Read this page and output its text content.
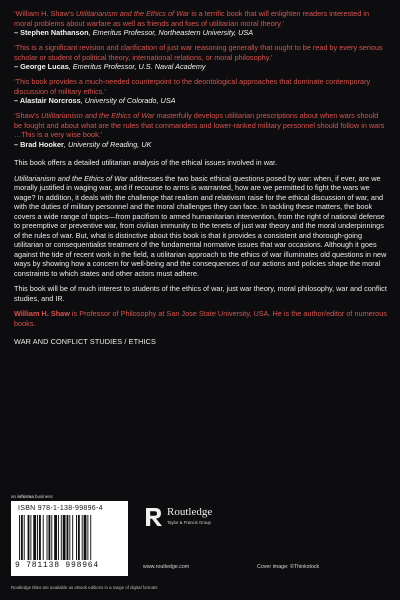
‘William H. Shaw’s Utilitarianism and the Ethics of War is a terrific book that will enlighten readers interested in moral problems about warfare as well as friends and foes of utilitarian moral theory.’
– Stephen Nathanson, Emeritus Professor, Northeastern University, USA
‘This is a significant revision and clarification of just war reasoning generally that ought to be read by every serious scholar or student of political theory, international relations, or moral philosophy.’
– George Lucas, Emeritus Professor, U.S. Naval Academy
‘This book provides a much-needed counterpoint to the deontological approaches that dominate contemporary discussion of military ethics.’
– Alastair Norcross, University of Colorado, USA
‘Shaw’s Utilitarianism and the Ethics of War masterfully develops utilitarian prescriptions about when wars should be fought and about what are the rules that commanders and lower-ranked military personnel should follow in wars …This is a very wise book.’
– Brad Hooker, University of Reading, UK

This book offers a detailed utilitarian analysis of the ethical issues involved in war.

Utilitarianism and the Ethics of War addresses the two basic ethical questions posed by war: when, if ever, are we morally justified in waging war, and if recourse to arms is warranted, how are we permitted to fight the wars we wage? In addition, it deals with the challenge that realism and relativism raise for the ethical discussion of war, and with the duties of military personnel and the moral challenges they can face. In tackling these matters, the book covers a wide range of topics—from pacifism to armed humanitarian intervention, from the right of national defense to preemptive or preventive war, from civilian immunity to the tenets of just war theory and the moral underpinnings of the rules of war. But, what is distinctive about this book is that it provides a consistent and thorough-going utilitarian or consequentialist treatment of the fundamental normative issues that war occasions. Although it goes against the tide of recent work in the field, a utilitarian approach to the ethics of war illuminates old questions in new ways by showing how a concern for well-being and the consequences of our actions and policies shape the moral constraints to which states and other actors must adhere.

This book will be of much interest to students of the ethics of war, just war theory, moral philosophy, war and conflict studies, and IR.

William H. Shaw is Professor of Philosophy at San Jose State University, USA. He is the author/editor of numerous books.

WAR AND CONFLICT STUDIES / ETHICS
an informa business
ISBN 978-1-138-99896-4
9 781138 998964
Routledge
Taylor & Francis Group
www.routledge.com	Cover image: ©Thinkstock
Routledge titles are available as eBook editions in a range of digital formats
